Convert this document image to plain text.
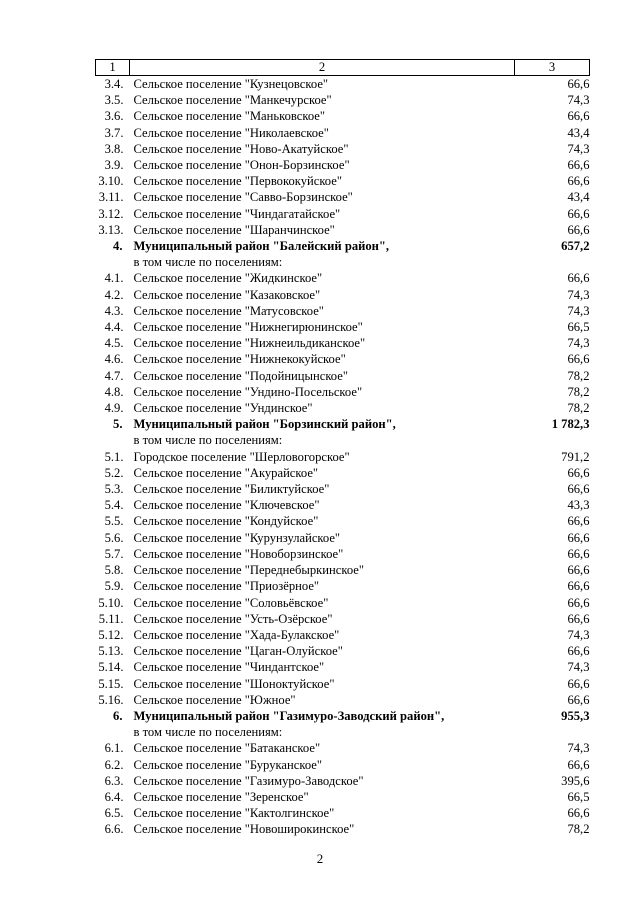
1	2	3
3.4.	Сельское поселение "Кузнецовское"	66,6
3.5.	Сельское поселение "Манкечурское"	74,3
3.6.	Сельское поселение "Маньковское"	66,6
3.7.	Сельское поселение "Николаевское"	43,4
3.8.	Сельское поселение "Ново-Акатуйское"	74,3
3.9.	Сельское поселение "Онон-Борзинское"	66,6
3.10.	Сельское поселение "Первококуйское"	66,6
3.11.	Сельское поселение "Савво-Борзинское"	43,4
3.12.	Сельское поселение "Чиндагатайское"	66,6
3.13.	Сельское поселение "Шаранчинское"	66,6
4.	Муниципальный район "Балейский район",	657,2
	в том числе по поселениям:	
4.1.	Сельское поселение "Жидкинское"	66,6
4.2.	Сельское поселение "Казаковское"	74,3
4.3.	Сельское поселение "Матусовское"	74,3
4.4.	Сельское поселение "Нижнегирюнинское"	66,5
4.5.	Сельское поселение "Нижнеильдиканское"	74,3
4.6.	Сельское поселение "Нижнекокуйское"	66,6
4.7.	Сельское поселение "Подойницынское"	78,2
4.8.	Сельское поселение "Ундино-Посельское"	78,2
4.9.	Сельское поселение "Ундинское"	78,2
5.	Муниципальный район "Борзинский район",	1 782,3
	в том числе по поселениям:	
5.1.	Городское поселение "Шерловогорское"	791,2
5.2.	Сельское поселение "Акурайское"	66,6
5.3.	Сельское поселение "Биликтуйское"	66,6
5.4.	Сельское поселение "Ключевское"	43,3
5.5.	Сельское поселение "Кондуйское"	66,6
5.6.	Сельское поселение "Курунзулайское"	66,6
5.7.	Сельское поселение "Новоборзинское"	66,6
5.8.	Сельское поселение "Переднебыркинское"	66,6
5.9.	Сельское поселение "Приозёрное"	66,6
5.10.	Сельское поселение "Соловьёвское"	66,6
5.11.	Сельское поселение "Усть-Озёрское"	66,6
5.12.	Сельское поселение "Хада-Булакское"	74,3
5.13.	Сельское поселение "Цаган-Олуйское"	66,6
5.14.	Сельское поселение "Чиндантское"	74,3
5.15.	Сельское поселение "Шоноктуйское"	66,6
5.16.	Сельское поселение "Южное"	66,6
6.	Муниципальный район "Газимуро-Заводский район",	955,3
	в том числе по поселениям:	
6.1.	Сельское поселение "Батаканское"	74,3
6.2.	Сельское поселение "Буруканское"	66,6
6.3.	Сельское поселение "Газимуро-Заводское"	395,6
6.4.	Сельское поселение "Зеренское"	66,5
6.5.	Сельское поселение "Кактолгинское"	66,6
6.6.	Сельское поселение "Новоширокинское"	78,2
2
